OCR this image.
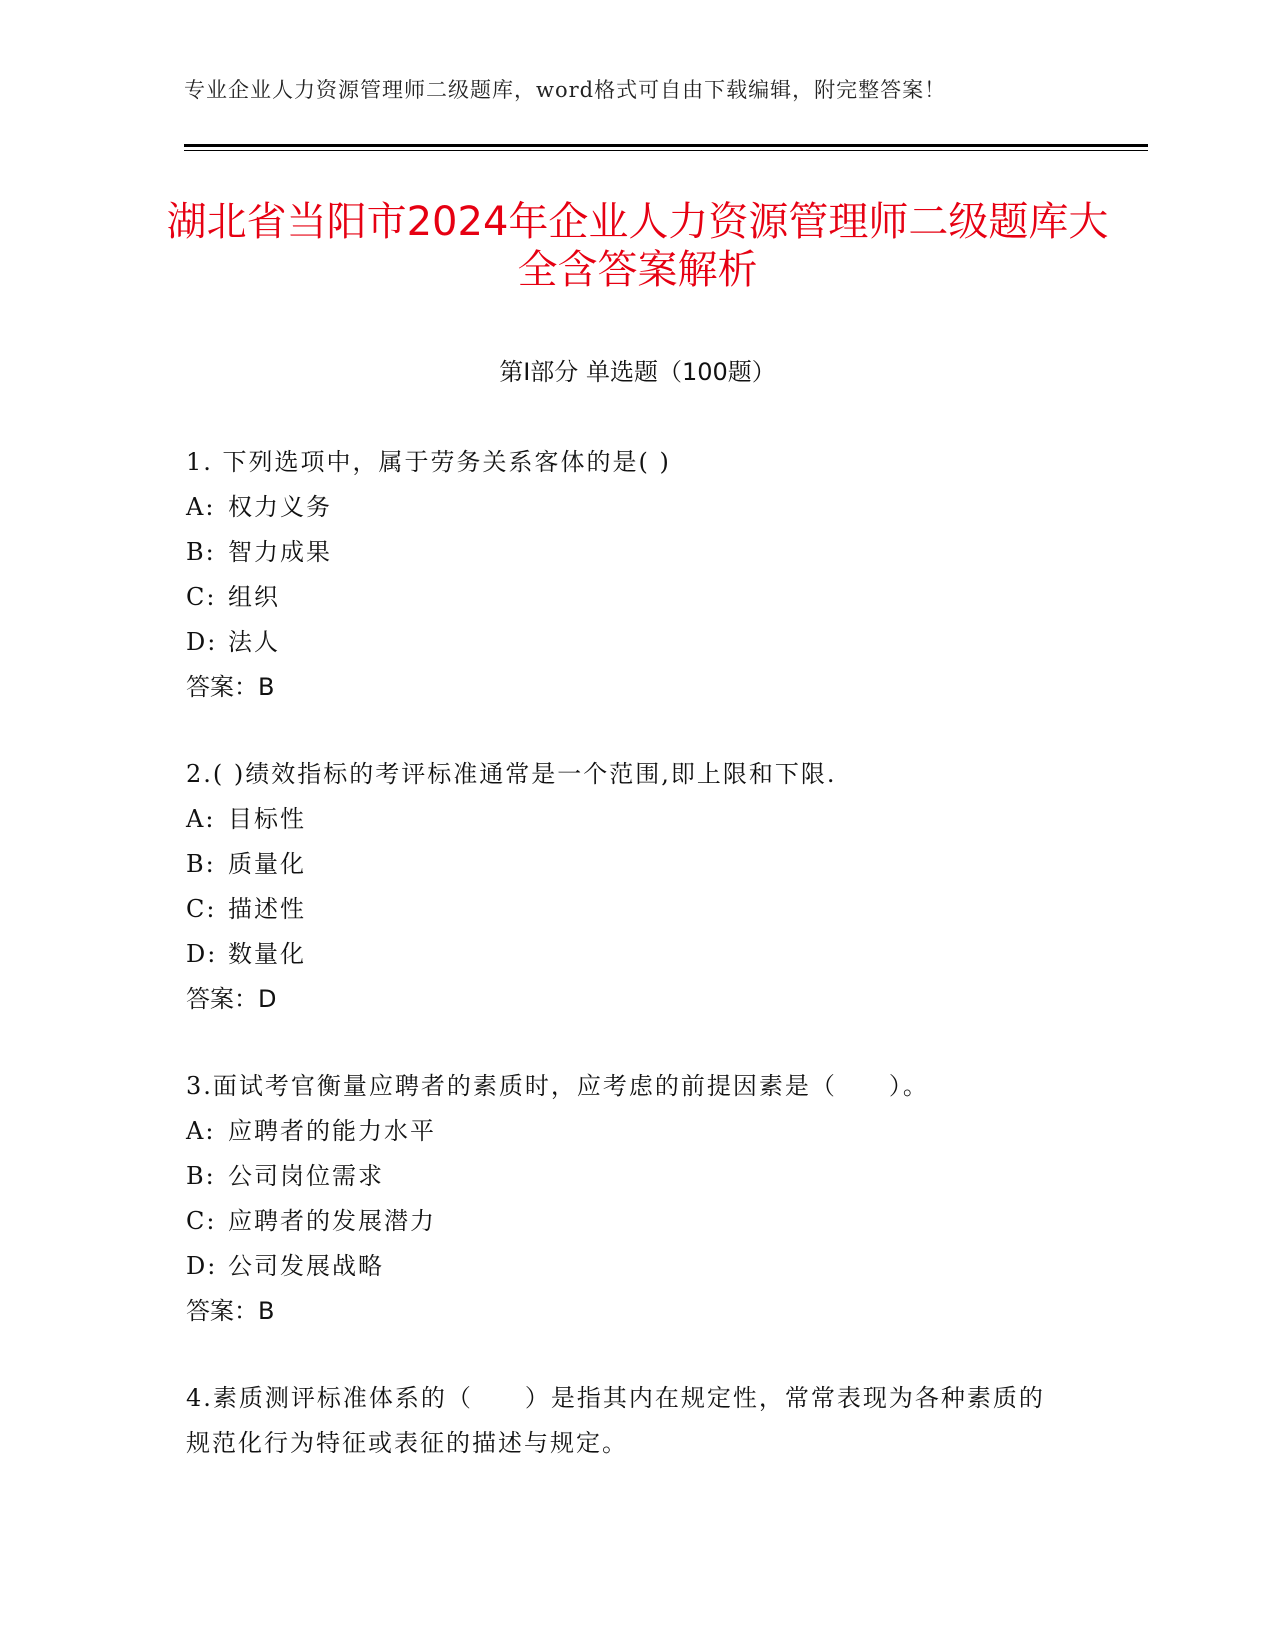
专业企业人力资源管理师二级题库，word格式可自由下载编辑，附完整答案！
湖北省当阳市2024年企业人力资源管理师二级题库大全含答案解析
第Ⅰ部分 单选题（100题）
1. 下列选项中，属于劳务关系客体的是( )
A: 权力义务
B: 智力成果
C: 组织
D: 法人
答案：B
2.( )绩效指标的考评标准通常是一个范围,即上限和下限.
A: 目标性
B: 质量化
C: 描述性
D: 数量化
答案：D
3.面试考官衡量应聘者的素质时，应考虑的前提因素是（　　）。
A: 应聘者的能力水平
B: 公司岗位需求
C: 应聘者的发展潜力
D: 公司发展战略
答案：B
4.素质测评标准体系的（　　）是指其内在规定性，常常表现为各种素质的规范化行为特征或表征的描述与规定。
